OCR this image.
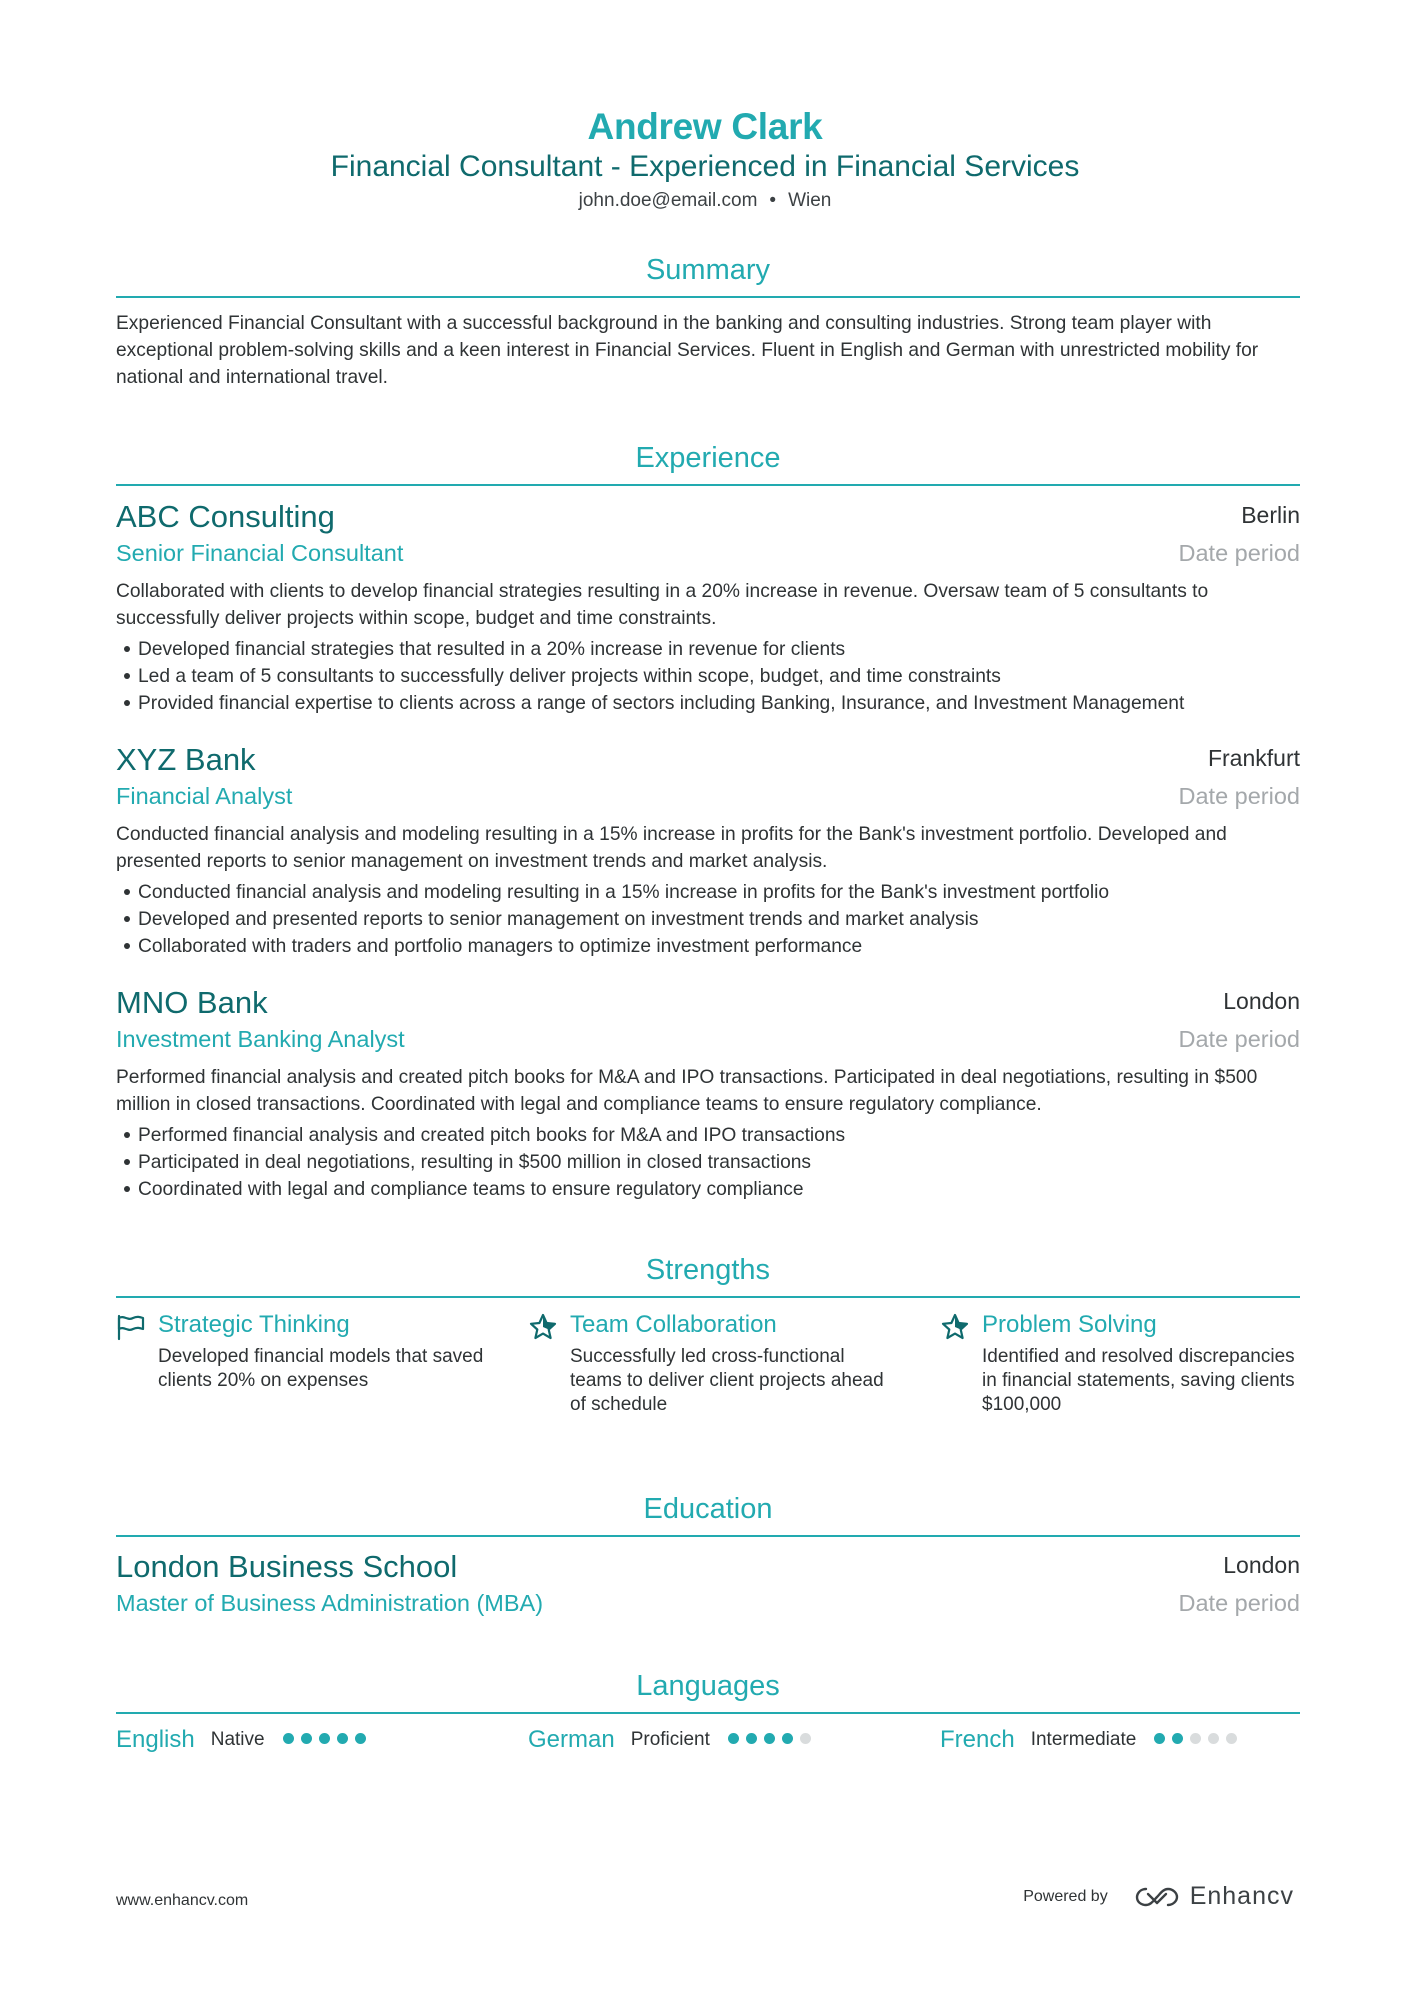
Andrew Clark
Financial Consultant - Experienced in Financial Services
john.doe@email.com • Wien
Summary
Experienced Financial Consultant with a successful background in the banking and consulting industries. Strong team player with exceptional problem-solving skills and a keen interest in Financial Services. Fluent in English and German with unrestricted mobility for national and international travel.
Experience
ABC Consulting	Berlin
Senior Financial Consultant	Date period
Collaborated with clients to develop financial strategies resulting in a 20% increase in revenue. Oversaw team of 5 consultants to successfully deliver projects within scope, budget and time constraints.
Developed financial strategies that resulted in a 20% increase in revenue for clients
Led a team of 5 consultants to successfully deliver projects within scope, budget, and time constraints
Provided financial expertise to clients across a range of sectors including Banking, Insurance, and Investment Management
XYZ Bank	Frankfurt
Financial Analyst	Date period
Conducted financial analysis and modeling resulting in a 15% increase in profits for the Bank's investment portfolio. Developed and presented reports to senior management on investment trends and market analysis.
Conducted financial analysis and modeling resulting in a 15% increase in profits for the Bank's investment portfolio
Developed and presented reports to senior management on investment trends and market analysis
Collaborated with traders and portfolio managers to optimize investment performance
MNO Bank	London
Investment Banking Analyst	Date period
Performed financial analysis and created pitch books for M&A and IPO transactions. Participated in deal negotiations, resulting in $500 million in closed transactions. Coordinated with legal and compliance teams to ensure regulatory compliance.
Performed financial analysis and created pitch books for M&A and IPO transactions
Participated in deal negotiations, resulting in $500 million in closed transactions
Coordinated with legal and compliance teams to ensure regulatory compliance
Strengths
Strategic Thinking
Developed financial models that saved clients 20% on expenses
Team Collaboration
Successfully led cross-functional teams to deliver client projects ahead of schedule
Problem Solving
Identified and resolved discrepancies in financial statements, saving clients $100,000
Education
London Business School	London
Master of Business Administration (MBA)	Date period
Languages
English Native	German Proficient	French Intermediate
www.enhancv.com	Powered by	Enhancv
